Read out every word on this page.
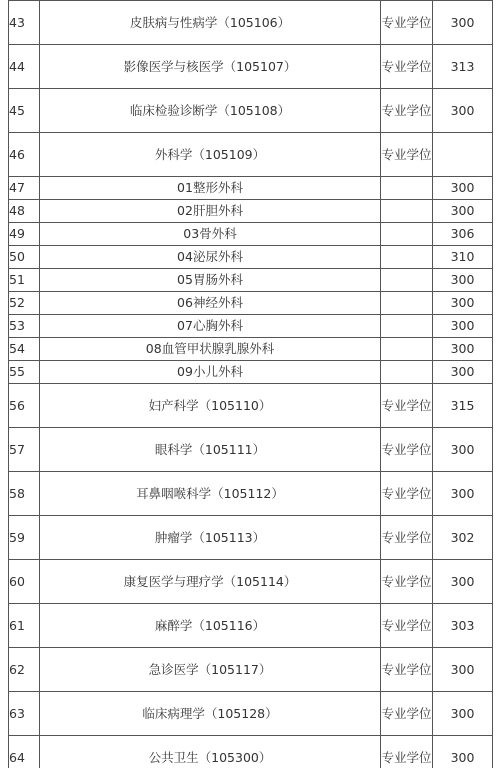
43	皮肤病与性病学（105106）	专业学位	300
44	影像医学与核医学（105107）	专业学位	313
45	临床检验诊断学（105108）	专业学位	300
46	外科学（105109）	专业学位	
47	01整形外科		300
48	02肝胆外科		300
49	03骨外科		306
50	04泌尿外科		310
51	05胃肠外科		300
52	06神经外科		300
53	07心胸外科		300
54	08血管甲状腺乳腺外科		300
55	09小儿外科		300
56	妇产科学（105110）	专业学位	315
57	眼科学（105111）	专业学位	300
58	耳鼻咽喉科学（105112）	专业学位	300
59	肿瘤学（105113）	专业学位	302
60	康复医学与理疗学（105114）	专业学位	300
61	麻醉学（105116）	专业学位	303
62	急诊医学（105117）	专业学位	300
63	临床病理学（105128）	专业学位	300
64	公共卫生（105300）	专业学位	300
